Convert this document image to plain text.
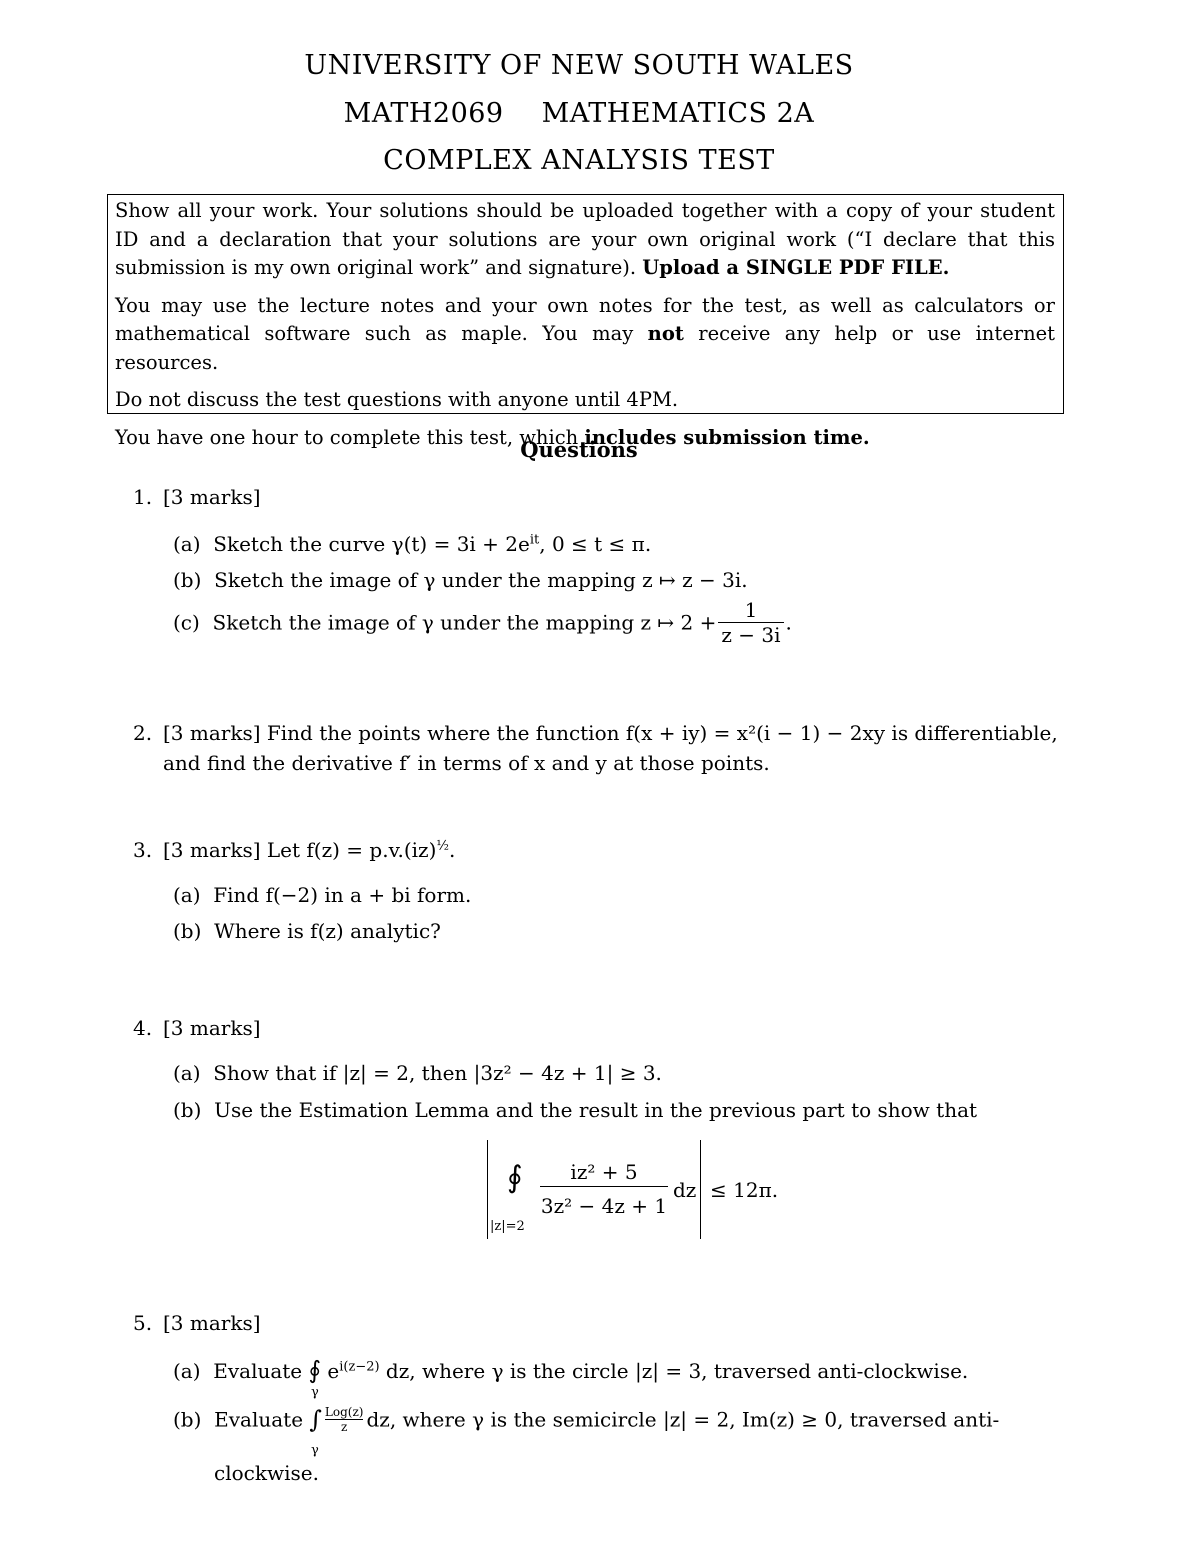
UNIVERSITY OF NEW SOUTH WALES
MATH2069 MATHEMATICS 2A
COMPLEX ANALYSIS TEST

Show all your work. Your solutions should be uploaded together with a copy of your student ID and a declaration that your solutions are your own original work (“I declare that this submission is my own original work” and signature). Upload a SINGLE PDF FILE.

You may use the lecture notes and your own notes for the test, as well as calculators or mathematical software such as maple. You may not receive any help or use internet resources.

Do not discuss the test questions with anyone until 4PM.

You have one hour to complete this test, which includes submission time.

Questions
1. [3 marks]
(a) Sketch the curve $\gamma(t) = 3i + 2e^{it}$, 0 ≤ t ≤ π.
(b) Sketch the image of γ under the mapping z ↦ z − 3i.
(c) Sketch the image of γ under the mapping z ↦ $2 + \frac{1}{z - 3i}$ .
2. [3 marks] Find the points where the function f(x + iy) = x²(i − 1) − 2xy is differentiable,
and find the derivative f′ in terms of x and y at those points.
3. [3 marks] Let f(z) = p.v.(iz)$^{\frac{1}{2}}$.
(a) Find f(−2) in a + bi form.
(b) Where is f(z) analytic?
4. [3 marks]
(a) Show that if |z| = 2, then |3z² − 4z + 1| ≥ 3.
(b) Use the Estimation Lemma and the result in the previous part to show that
∮
|z|=2
iz² + 5
3z² − 4z + 1
dz ≤ 12π.
5. [3 marks]
(a) Evaluate ∮ $e^{i(z-2)}$ dz, where γ is the circle |z| = 3, traversed anti-clockwise.
γ
(b) Evaluate ∫ $\frac{\text{Log(z)}}{z}$ dz, where γ is the semicircle |z| = 2, Im(z) ≥ 0, traversed anti-
γ
clockwise.
